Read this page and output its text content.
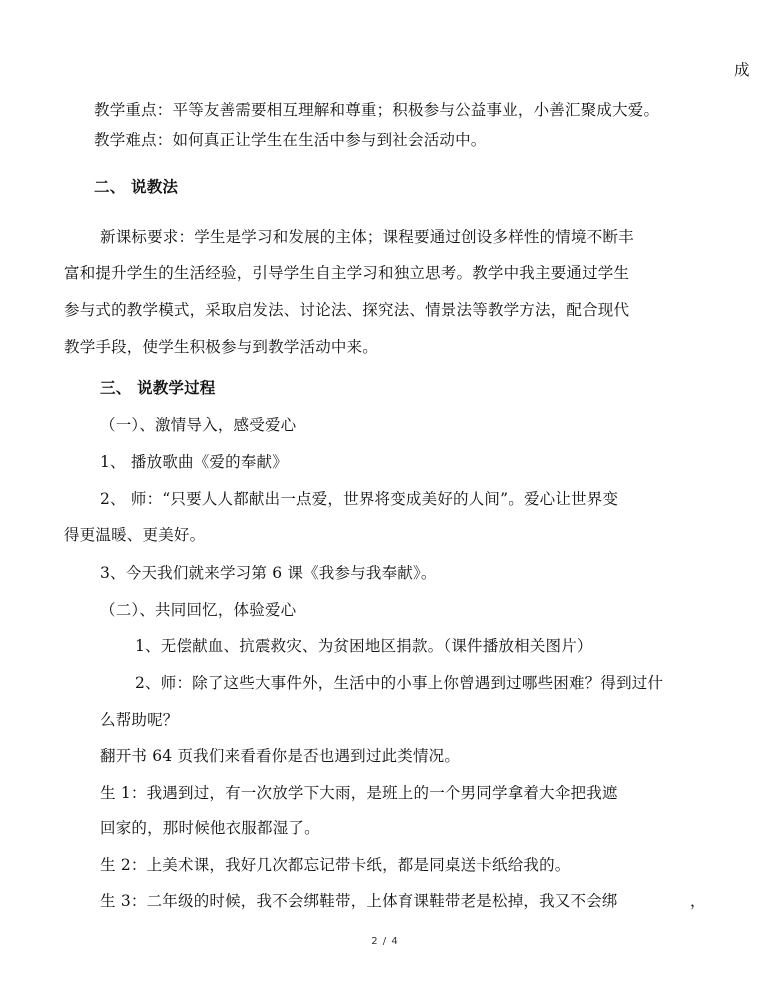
成
教学重点：平等友善需要相互理解和尊重；积极参与公益事业，小善汇聚成大爱。
教学难点：如何真正让学生在生活中参与到社会活动中。
二、 说教法
新课标要求：学生是学习和发展的主体；课程要通过创设多样性的情境不断丰
富和提升学生的生活经验，引导学生自主学习和独立思考。教学中我主要通过学生
参与式的教学模式，采取启发法、讨论法、探究法、情景法等教学方法，配合现代
教学手段，使学生积极参与到教学活动中来。
三、 说教学过程
（一）、激情导入，感受爱心
1、 播放歌曲《爱的奉献》
2、 师：“只要人人都献出一点爱，世界将变成美好的人间”。爱心让世界变
得更温暖、更美好。
3、今天我们就来学习第 6 课《我参与我奉献》。
（二）、共同回忆，体验爱心
1、无偿献血、抗震救灾、为贫困地区捐款。（课件播放相关图片）
2、师：除了这些大事件外，生活中的小事上你曾遇到过哪些困难？得到过什
么帮助呢？
翻开书 64 页我们来看看你是否也遇到过此类情况。
生 1：我遇到过，有一次放学下大雨，是班上的一个男同学拿着大伞把我遮
回家的，那时候他衣服都湿了。
生 2：上美术课，我好几次都忘记带卡纸，都是同桌送卡纸给我的。
生 3：二年级的时候，我不会绑鞋带，上体育课鞋带老是松掉，我又不会绑	，
2 / 4
